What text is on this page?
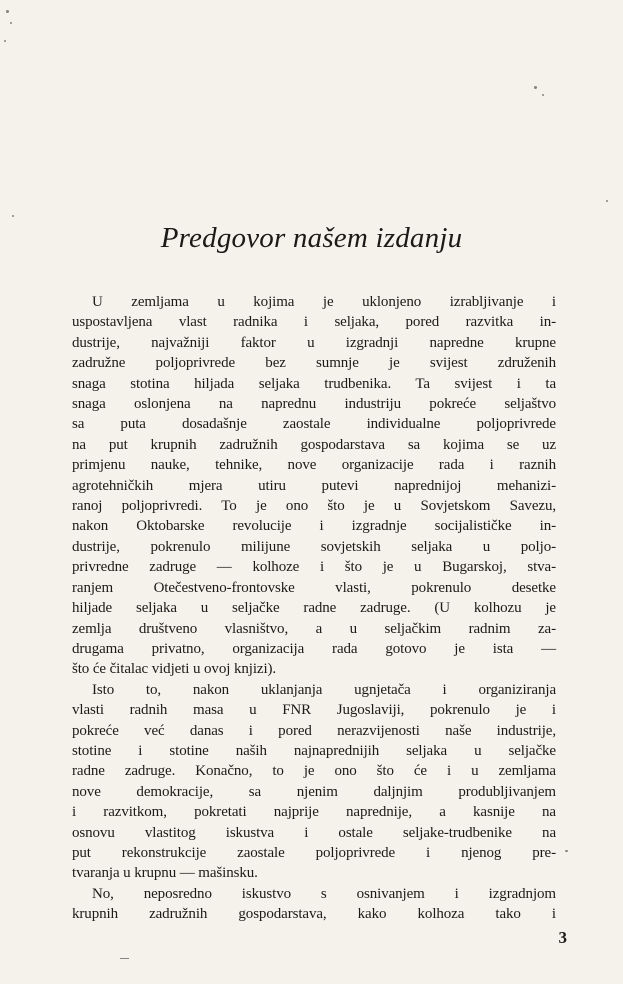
Predgovor našem izdanju
U zemljama u kojima je uklonjeno izrabljivanje i
uspostavljena vlast radnika i seljaka, pored razvitka in-
dustrije, najvažniji faktor u izgradnji napredne krupne
zadružne poljoprivrede bez sumnje je svijest združenih
snaga stotina hiljada seljaka trudbenika. Ta svijest i ta
snaga oslonjena na naprednu industriju pokreće seljaštvo
sa puta dosadašnje zaostale individualne poljoprivrede
na put krupnih zadružnih gospodarstava sa kojima se uz
primjenu nauke, tehnike, nove organizacije rada i raznih
agrotehničkih mjera utiru putevi naprednijoj mehanizi-
ranoj poljoprivredi. To je ono što je u Sovjetskom Savezu,
nakon Oktobarske revolucije i izgradnje socijalističke in-
dustrije, pokrenulo milijune sovjetskih seljaka u poljo-
privredne zadruge — kolhoze i što je u Bugarskoj, stva-
ranjem Otečestveno-frontovske vlasti, pokrenulo desetke
hiljade seljaka u seljačke radne zadruge. (U kolhozu je
zemlja društveno vlasništvo, a u seljačkim radnim za-
drugama privatno, organizacija rada gotovo je ista —
što će čitalac vidjeti u ovoj knjizi).
Isto to, nakon uklanjanja ugnjetača i organiziranja
vlasti radnih masa u FNR Jugoslaviji, pokrenulo je i
pokreće već danas i pored nerazvijenosti naše industrije,
stotine i stotine naših najnaprednijih seljaka u seljačke
radne zadruge. Konačno, to je ono što će i u zemljama
nove demokracije, sa njenim daljnjim produbljivanjem
i razvitkom, pokretati najprije naprednije, a kasnije na
osnovu vlastitog iskustva i ostale seljake-trudbenike na
put rekonstrukcije zaostale poljoprivrede i njenog pre-
tvaranja u krupnu — mašinsku.
No, neposredno iskustvo s osnivanjem i izgradnjom
krupnih zadružnih gospodarstava, kako kolhoza tako i
3
